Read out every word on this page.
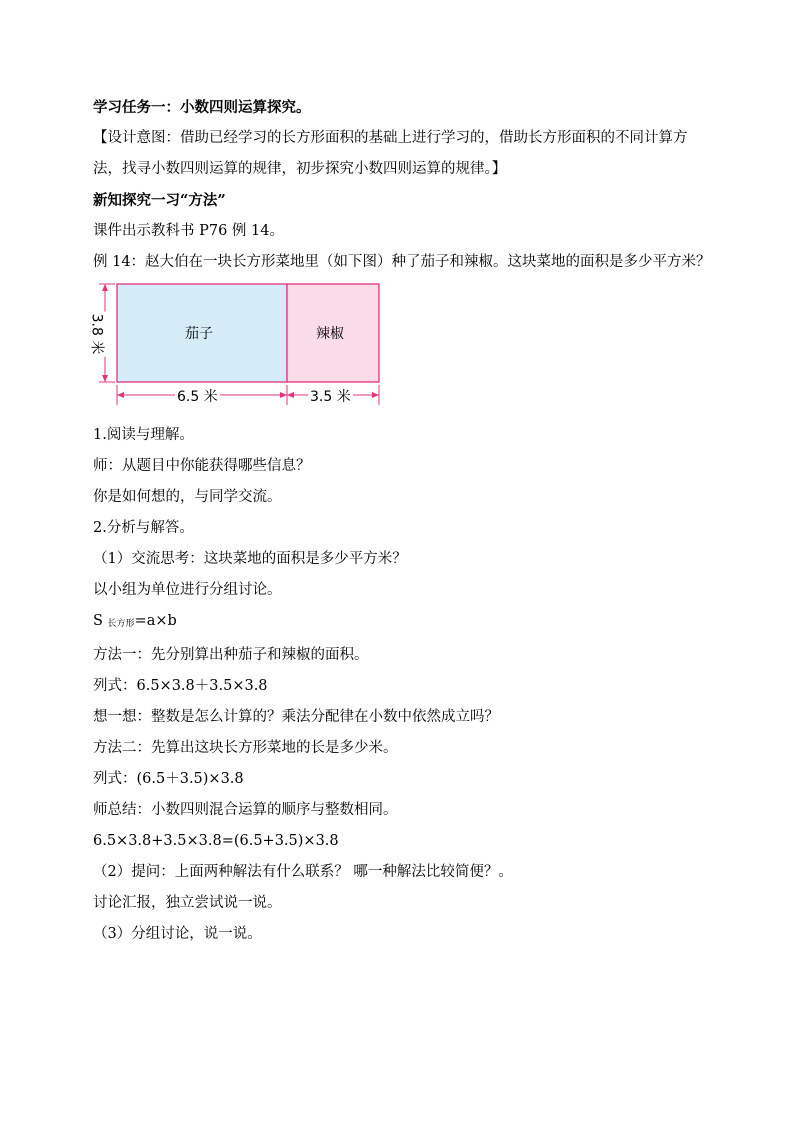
学习任务一：小数四则运算探究。
【设计意图：借助已经学习的长方形面积的基础上进行学习的，借助长方形面积的不同计算方法，找寻小数四则运算的规律，初步探究小数四则运算的规律。】
新知探究一习“方法”
课件出示教科书 P76 例 14。
例 14：赵大伯在一块长方形菜地里（如下图）种了茄子和辣椒。这块菜地的面积是多少平方米？
茄子	辣椒
3.8 米
6.5 米	3.5 米
1.阅读与理解。
师：从题目中你能获得哪些信息？
你是如何想的，与同学交流。
2.分析与解答。
（1）交流思考：这块菜地的面积是多少平方米？
以小组为单位进行分组讨论。
S 长方形=a×b
方法一：先分别算出种茄子和辣椒的面积。
列式：6.5×3.8＋3.5×3.8
想一想：整数是怎么计算的？乘法分配律在小数中依然成立吗？
方法二：先算出这块长方形菜地的长是多少米。
列式：(6.5＋3.5)×3.8
师总结：小数四则混合运算的顺序与整数相同。
6.5×3.8+3.5×3.8=(6.5+3.5)×3.8
（2）提问：上面两种解法有什么联系？ 哪一种解法比较简便？。
讨论汇报，独立尝试说一说。
（3）分组讨论，说一说。
